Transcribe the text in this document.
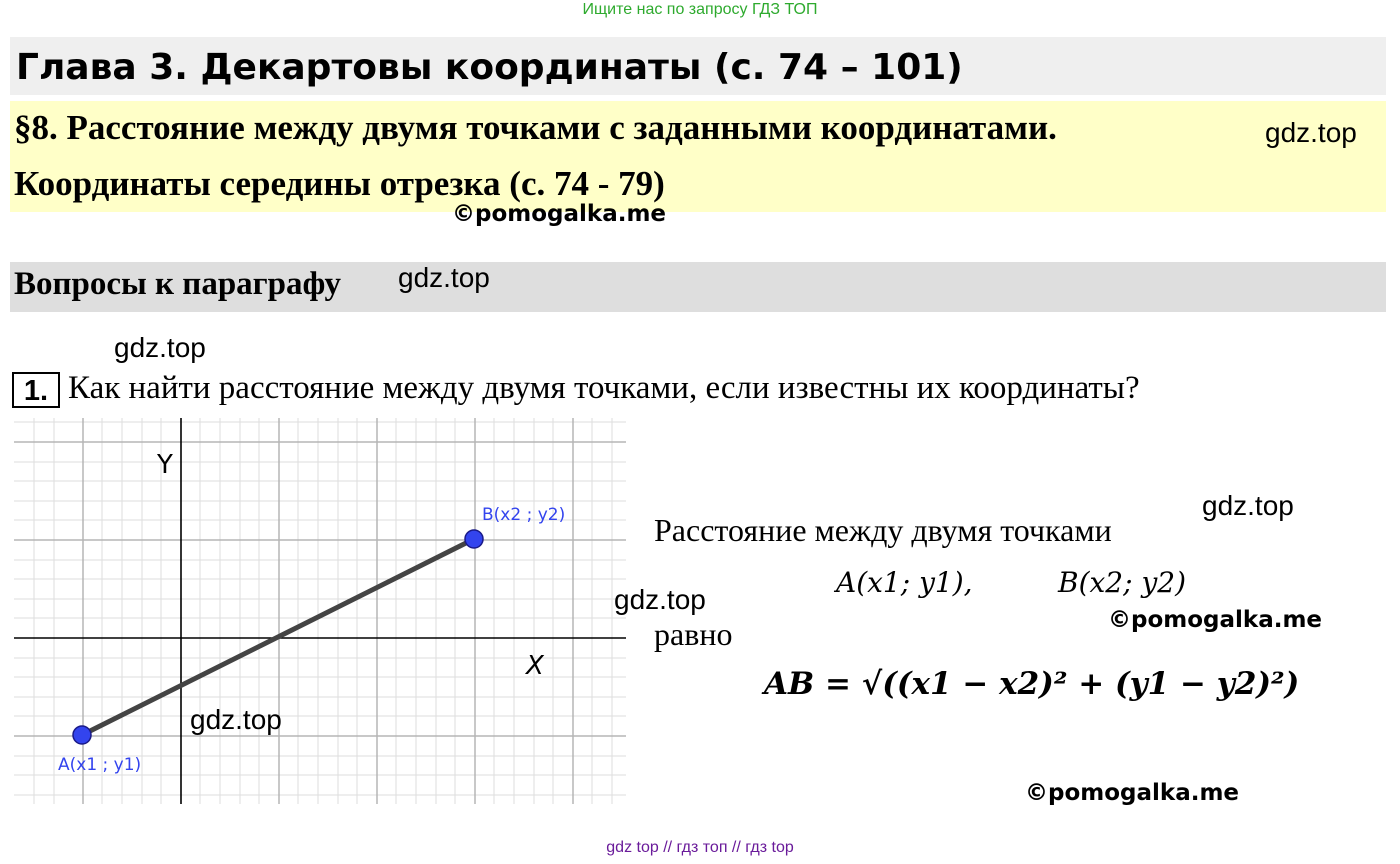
Ищите нас по запросу ГДЗ ТОП
Глава 3. Декартовы координаты (с. 74 – 101)
§8. Расстояние между двумя точками с заданными координатами.
Координаты середины отрезка (с. 74 - 79)
gdz.top
©pomogalka.me
Вопросы к параграфу gdz.top
gdz.top
1. Как найти расстояние между двумя точками, если известны их координаты?
Y
X
A(x1 ; y1)
B(x2 ; y2)
gdz.top
Расстояние между двумя точками
gdz.top
A(x1; y1),	B(x2; y2)
gdz.top
равно	©pomogalka.me
AB = √((x1 − x2)² + (y1 − y2)²)
©pomogalka.me
gdz top // гдз топ // гдз top
